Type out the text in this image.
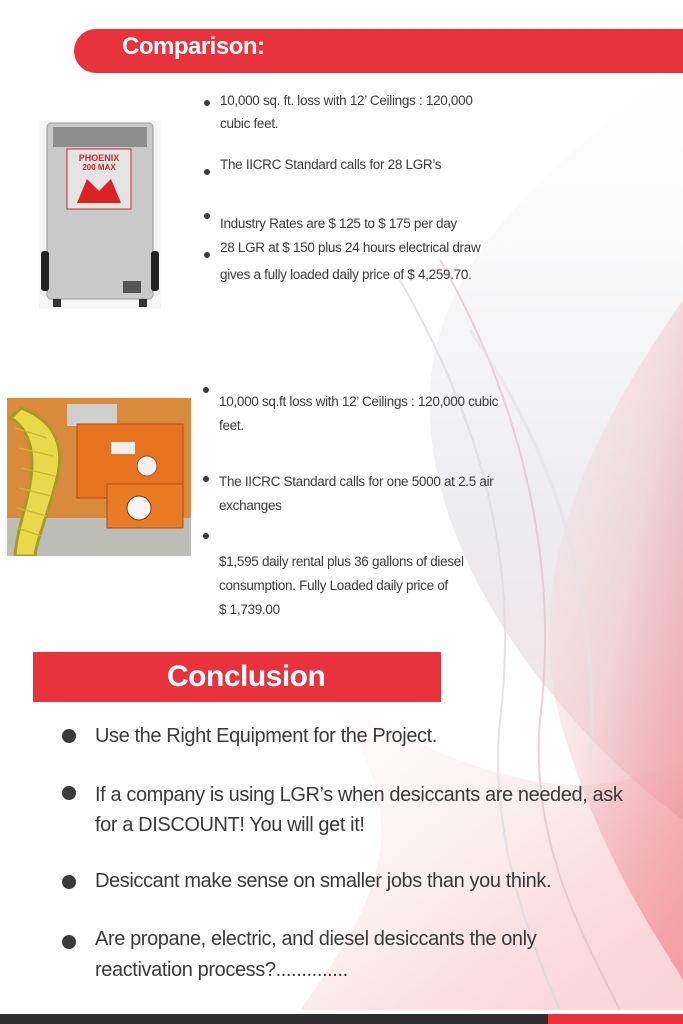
Comparison:
PHOENIX
200 MAX
10,000 sq. ft. loss with 12’ Ceilings : 120,000
cubic feet.
The IICRC Standard calls for 28 LGR’s
Industry Rates are $ 125 to $ 175 per day
28 LGR at $ 150 plus 24 hours electrical draw
gives a fully loaded daily price of $ 4,259.70.
10,000 sq.ft loss with 12’ Ceilings : 120,000 cubic
feet.
The IICRC Standard calls for one 5000 at 2.5 air
exchanges
$1,595 daily rental plus 36 gallons of diesel
consumption. Fully Loaded daily price of
$ 1,739.00
Conclusion
Use the Right Equipment for the Project.
If a company is using LGR’s when desiccants are needed, ask
for a DISCOUNT! You will get it!
Desiccant make sense on smaller jobs than you think.
Are propane, electric, and diesel desiccants the only
reactivation process?..............
